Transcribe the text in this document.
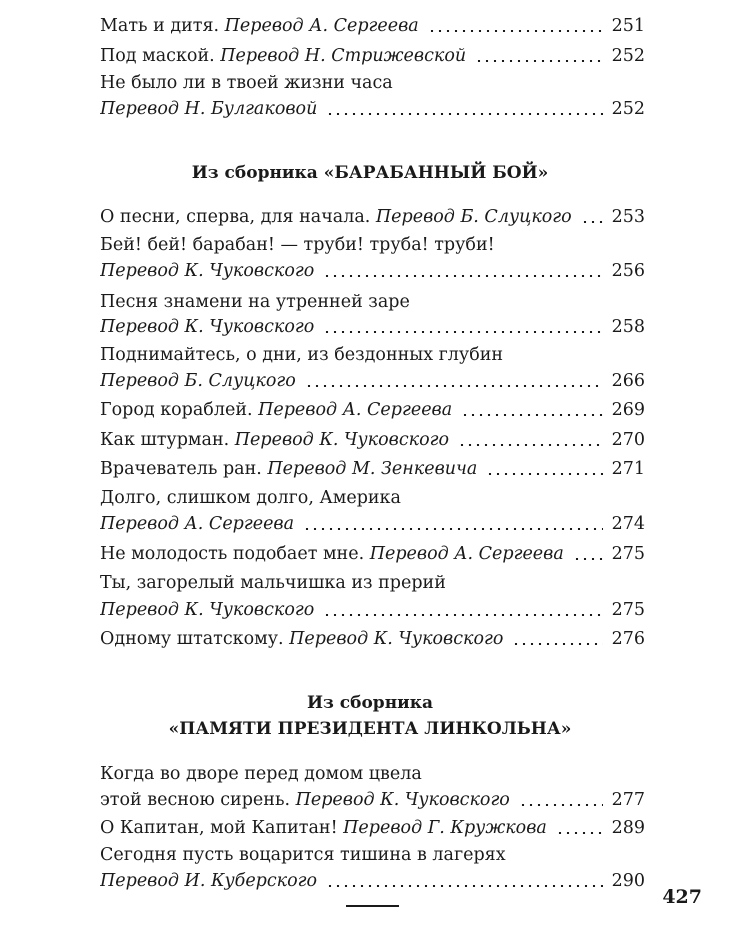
Мать и дитя. Перевод А. Сергеева	251
Под маской. Перевод Н. Стрижевской	252
Не было ли в твоей жизни часа
Перевод Н. Булгаковой	252
Из сборника «БАРАБАННЫЙ БОЙ»
О песни, сперва, для начала. Перевод Б. Слуцкого 253
Бей! бей! барабан! — труби! труба! труби!
Перевод К. Чуковского	256
Песня знамени на утренней заре
Перевод К. Чуковского	258
Поднимайтесь, о дни, из бездонных глубин
Перевод Б. Слуцкого	266
Город кораблей. Перевод А. Сергеева	269
Как штурман. Перевод К. Чуковского	270
Врачеватель ран. Перевод М. Зенкевича	271
Долго, слишком долго, Америка
Перевод А. Сергеева	274
Не молодость подобает мне. Перевод А. Сергеева	275
Ты, загорелый мальчишка из прерий
Перевод К. Чуковского	275
Одному штатскому. Перевод К. Чуковского	276
Из сборника
«ПАМЯТИ ПРЕЗИДЕНТА ЛИНКОЛЬНА»
Когда во дворе перед домом цвела
этой весною сирень. Перевод К. Чуковского	277
О Капитан, мой Капитан! Перевод Г. Кружкова	289
Сегодня пусть воцарится тишина в лагерях
Перевод И. Куберского	290
427
